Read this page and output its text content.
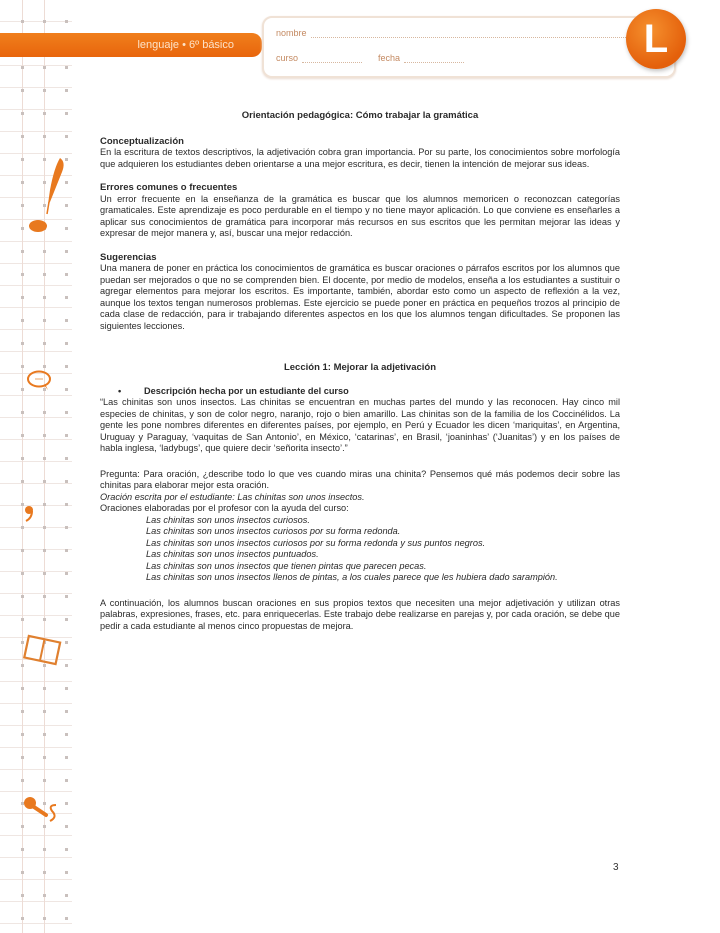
lenguaje • 6º básico
nombre
curso	fecha	L
Orientación pedagógica: Cómo trabajar la gramática
Conceptualización
En la escritura de textos descriptivos, la adjetivación cobra gran importancia. Por su parte, los conocimientos sobre morfología que adquieren los estudiantes deben orientarse a una mejor escritura, es decir, tienen la intención de mejorar sus ideas.
Errores comunes o frecuentes
Un error frecuente en la enseñanza de la gramática es buscar que los alumnos memoricen o reconozcan categorías gramaticales. Este aprendizaje es poco perdurable en el tiempo y no tiene mayor aplicación. Lo que conviene es enseñarles a aplicar sus conocimientos de gramática para incorporar más recursos en sus escritos que les permitan mejorar las ideas y expresar de mejor manera y, así, buscar una mejor redacción.
Sugerencias
Una manera de poner en práctica los conocimientos de gramática es buscar oraciones o párrafos escritos por los alumnos que puedan ser mejorados o que no se comprenden bien. El docente, por medio de modelos, enseña a los estudiantes a sustituir o agregar elementos para mejorar los escritos. Es importante, también, abordar esto como un aspecto de reflexión a la vez, aunque los textos tengan numerosos problemas. Este ejercicio se puede poner en práctica en pequeños trozos al principio de cada clase de redacción, para ir trabajando diferentes aspectos en los que los alumnos tengan dificultades. Se proponen las siguientes lecciones.
Lección 1: Mejorar la adjetivación
•	Descripción hecha por un estudiante del curso

“Las chinitas son unos insectos. Las chinitas se encuentran en muchas partes del mundo y las reconocen. Hay cinco mil especies de chinitas, y son de color negro, naranjo, rojo o bien amarillo. Las chinitas son de la familia de los Coccinélidos. La gente les pone nombres diferentes en diferentes países, por ejemplo, en Perú y Ecuador les dicen ‘mariquitas’, en Argentina, Uruguay y Paraguay, ‘vaquitas de San Antonio’, en México, ‘catarinas’, en Brasil, ‘joaninhas’ (‘Juanitas’) y en los países de habla inglesa, ‘ladybugs’, que quiere decir ‘señorita insecto’.”

Pregunta: Para oración, ¿describe todo lo que ves cuando miras una chinita? Pensemos qué más podemos decir sobre las chinitas para elaborar mejor esta oración.
Oración escrita por el estudiante: Las chinitas son unos insectos.
Oraciones elaboradas por el profesor con la ayuda del curso:
Las chinitas son unos insectos curiosos.
Las chinitas son unos insectos curiosos por su forma redonda.
Las chinitas son unos insectos curiosos por su forma redonda y sus puntos negros.
Las chinitas son unos insectos puntuados.
Las chinitas son unos insectos que tienen pintas que parecen pecas.
Las chinitas son unos insectos llenos de pintas, a los cuales parece que les hubiera dado sarampión.

A continuación, los alumnos buscan oraciones en sus propios textos que necesiten una mejor adjetivación y utilizan otras palabras, expresiones, frases, etc. para enriquecerlas. Este trabajo debe realizarse en parejas y, por cada oración, se debe que pedir a cada estudiante al menos cinco propuestas de mejora.

3
